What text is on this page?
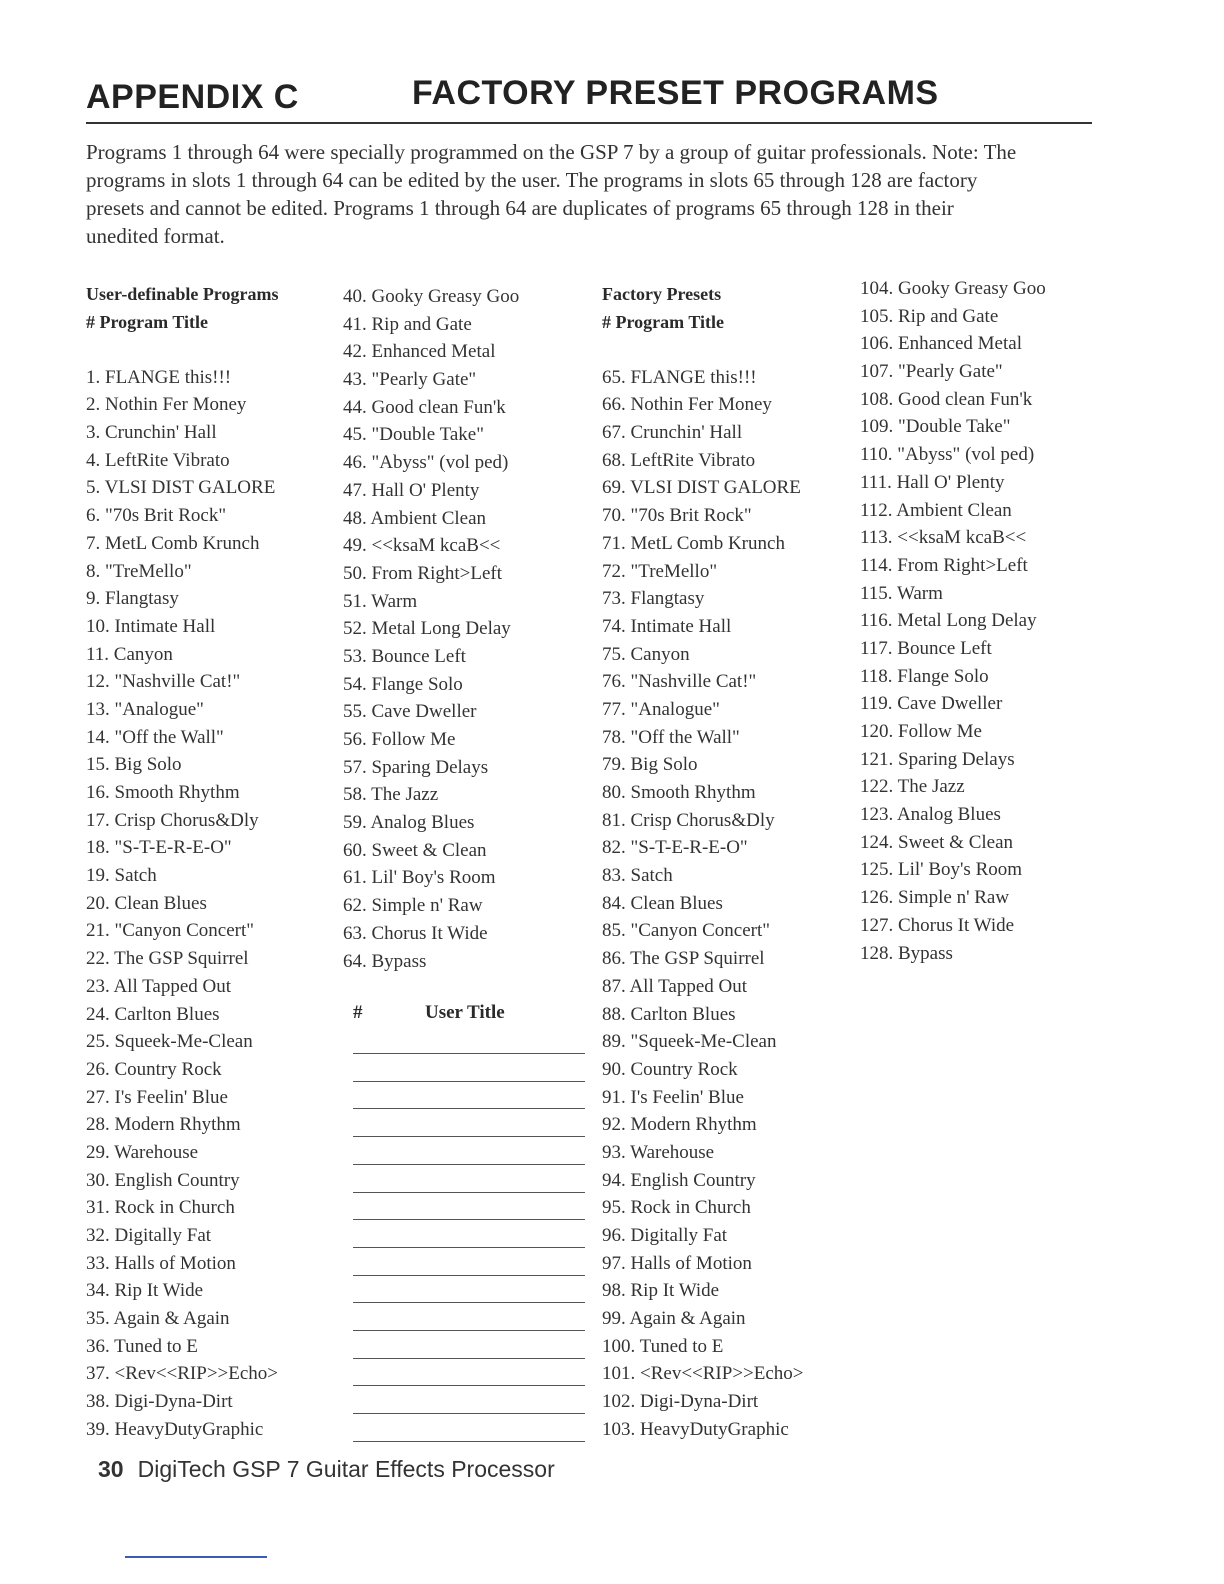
APPENDIX C	FACTORY PRESET PROGRAMS
Programs 1 through 64 were specially programmed on the GSP 7 by a group of guitar professionals. Note: The programs in slots 1 through 64 can be edited by the user. The programs in slots 65 through 128 are factory presets and cannot be edited. Programs 1 through 64 are duplicates of programs 65 through 128 in their unedited format.
User-definable Programs
# Program Title
1. FLANGE this!!!
2. Nothin Fer Money
3. Crunchin' Hall
4. LeftRite Vibrato
5. VLSI DIST GALORE
6. "70s Brit Rock"
7. MetL Comb Krunch
8. "TreMello"
9. Flangtasy
10. Intimate Hall
11. Canyon
12. "Nashville Cat!"
13. "Analogue"
14. "Off the Wall"
15. Big Solo
16. Smooth Rhythm
17. Crisp Chorus&Dly
18. "S-T-E-R-E-O"
19. Satch
20. Clean Blues
21. "Canyon Concert"
22. The GSP Squirrel
23. All Tapped Out
24. Carlton Blues
25. Squeek-Me-Clean
26. Country Rock
27. I's Feelin' Blue
28. Modern Rhythm
29. Warehouse
30. English Country
31. Rock in Church
32. Digitally Fat
33. Halls of Motion
34. Rip It Wide
35. Again & Again
36. Tuned to E
37. <Rev<<RIP>>Echo>
38. Digi-Dyna-Dirt
39. HeavyDutyGraphic
40. Gooky Greasy Goo
41. Rip and Gate
42. Enhanced Metal
43. "Pearly Gate"
44. Good clean Fun'k
45. "Double Take"
46. "Abyss" (vol ped)
47. Hall O' Plenty
48. Ambient Clean
49. <<ksaM kcaB<<
50. From Right>Left
51. Warm
52. Metal Long Delay
53. Bounce Left
54. Flange Solo
55. Cave Dweller
56. Follow Me
57. Sparing Delays
58. The Jazz
59. Analog Blues
60. Sweet & Clean
61. Lil' Boy's Room
62. Simple n' Raw
63. Chorus It Wide
64. Bypass
#	User Title
Factory Presets
# Program Title
65. FLANGE this!!!
66. Nothin Fer Money
67. Crunchin' Hall
68. LeftRite Vibrato
69. VLSI DIST GALORE
70. "70s Brit Rock"
71. MetL Comb Krunch
72. "TreMello"
73. Flangtasy
74. Intimate Hall
75. Canyon
76. "Nashville Cat!"
77. "Analogue"
78. "Off the Wall"
79. Big Solo
80. Smooth Rhythm
81. Crisp Chorus&Dly
82. "S-T-E-R-E-O"
83. Satch
84. Clean Blues
85. "Canyon Concert"
86. The GSP Squirrel
87. All Tapped Out
88. Carlton Blues
89. "Squeek-Me-Clean
90. Country Rock
91. I's Feelin' Blue
92. Modern Rhythm
93. Warehouse
94. English Country
95. Rock in Church
96. Digitally Fat
97. Halls of Motion
98. Rip It Wide
99. Again & Again
100. Tuned to E
101. <Rev<<RIP>>Echo>
102. Digi-Dyna-Dirt
103. HeavyDutyGraphic
104. Gooky Greasy Goo
105. Rip and Gate
106. Enhanced Metal
107. "Pearly Gate"
108. Good clean Fun'k
109. "Double Take"
110. "Abyss" (vol ped)
111. Hall O' Plenty
112. Ambient Clean
113. <<ksaM kcaB<<
114. From Right>Left
115. Warm
116. Metal Long Delay
117. Bounce Left
118. Flange Solo
119. Cave Dweller
120. Follow Me
121. Sparing Delays
122. The Jazz
123. Analog Blues
124. Sweet & Clean
125. Lil' Boy's Room
126. Simple n' Raw
127. Chorus It Wide
128. Bypass
30 DigiTech GSP 7 Guitar Effects Processor
